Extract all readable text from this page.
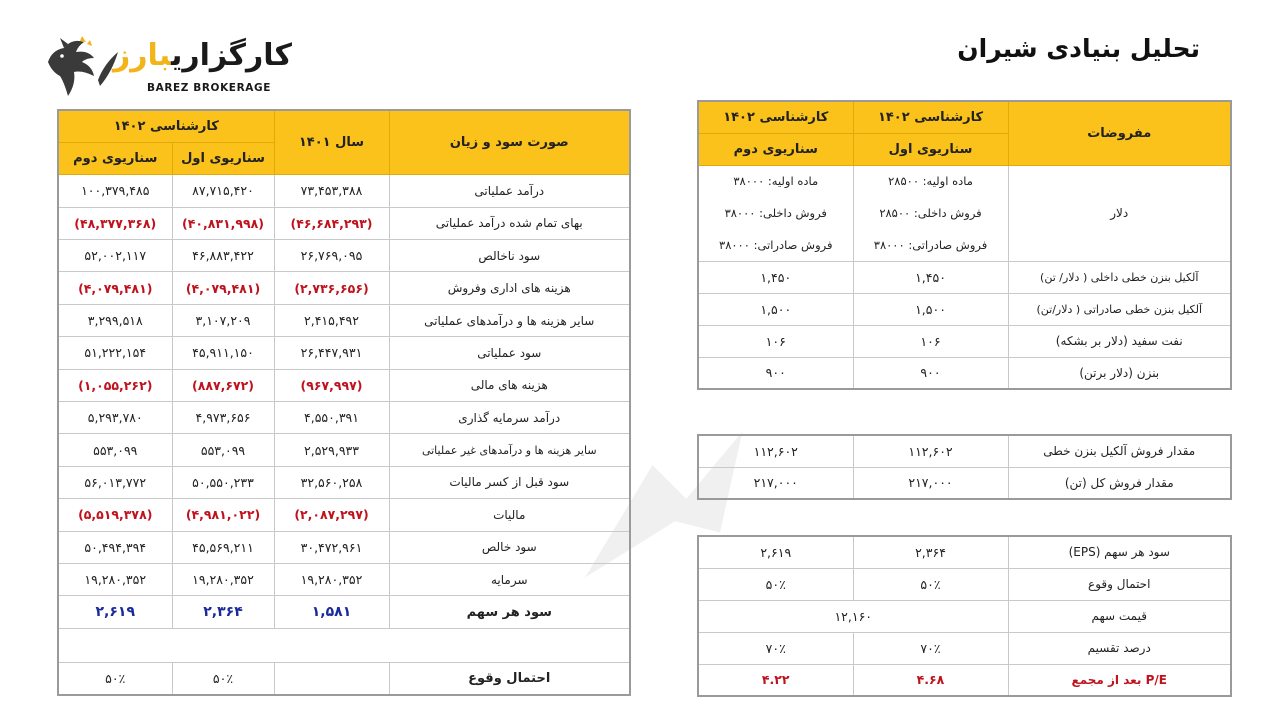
کارگزاریبارز
BAREZ BROKERAGE
تحلیل بنیادی شیران
کارشناسی ۱۴۰۲		سال ۱۴۰۱	صورت سود و زیان
سناریوی دوم	سناریوی اول		
۱۰۰,۳۷۹,۴۸۵	۸۷,۷۱۵,۴۲۰	۷۳,۴۵۳,۳۸۸	درآمد عملیاتی
(۴۸,۳۷۷,۳۶۸)	(۴۰,۸۳۱,۹۹۸)	(۴۶,۶۸۴,۲۹۳)	بهای تمام شده درآمد عملیاتی
۵۲,۰۰۲,۱۱۷	۴۶,۸۸۳,۴۲۲	۲۶,۷۶۹,۰۹۵	سود ناخالص
(۴,۰۷۹,۴۸۱)	(۴,۰۷۹,۴۸۱)	(۲,۷۳۶,۶۵۶)	هزینه های اداری وفروش
۳,۲۹۹,۵۱۸	۳,۱۰۷,۲۰۹	۲,۴۱۵,۴۹۲	سایر هزینه ها و درآمدهای عملیاتی
۵۱,۲۲۲,۱۵۴	۴۵,۹۱۱,۱۵۰	۲۶,۴۴۷,۹۳۱	سود عملیاتی
(۱,۰۵۵,۲۶۲)	(۸۸۷,۶۷۲)	(۹۶۷,۹۹۷)	هزینه های مالی
۵,۲۹۳,۷۸۰	۴,۹۷۳,۶۵۶	۴,۵۵۰,۳۹۱	درآمد سرمایه گذاری
۵۵۳,۰۹۹	۵۵۳,۰۹۹	۲,۵۲۹,۹۳۳	سایر هزینه ها و درآمدهای غیر عملیاتی
۵۶,۰۱۳,۷۷۲	۵۰,۵۵۰,۲۳۳	۳۲,۵۶۰,۲۵۸	سود قبل از کسر مالیات
(۵,۵۱۹,۳۷۸)	(۴,۹۸۱,۰۲۲)	(۲,۰۸۷,۲۹۷)	مالیات
۵۰,۴۹۴,۳۹۴	۴۵,۵۶۹,۲۱۱	۳۰,۴۷۲,۹۶۱	سود خالص
۱۹,۲۸۰,۳۵۲	۱۹,۲۸۰,۳۵۲	۱۹,۲۸۰,۳۵۲	سرمایه
۲,۶۱۹	۲,۳۶۴	۱,۵۸۱	سود هر سهم

۵۰٪	۵۰٪		احتمال وقوع
کارشناسی ۱۴۰۲	کارشناسی ۱۴۰۲	مفروضات
سناریوی دوم	سناریوی اول	
ماده اولیه: ۳۸۰۰۰	ماده اولیه: ۲۸۵۰۰	دلار
فروش داخلی: ۳۸۰۰۰	فروش داخلی: ۲۸۵۰۰	
فروش صادراتی: ۳۸۰۰۰	فروش صادراتی: ۳۸۰۰۰	
۱,۴۵۰	۱,۴۵۰	آلکیل بنزن خطی داخلی ( دلار/ تن)
۱,۵۰۰	۱,۵۰۰	آلکیل بنزن خطی صادراتی ( دلار/تن)
۱۰۶	۱۰۶	نفت سفید (دلار بر بشکه)
۹۰۰	۹۰۰	بنزن (دلار برتن)
۱۱۲,۶۰۲	۱۱۲,۶۰۲	مقدار فروش آلکیل بنزن خطی
۲۱۷,۰۰۰	۲۱۷,۰۰۰	مقدار فروش کل (تن)
۲,۶۱۹	۲,۳۶۴	سود هر سهم (EPS)
۵۰٪	۵۰٪	احتمال وقوع
۱۲,۱۶۰		قیمت سهم
۷۰٪	۷۰٪	درصد تقسیم
۴.۲۲	۴.۶۸	P/E بعد از مجمع
